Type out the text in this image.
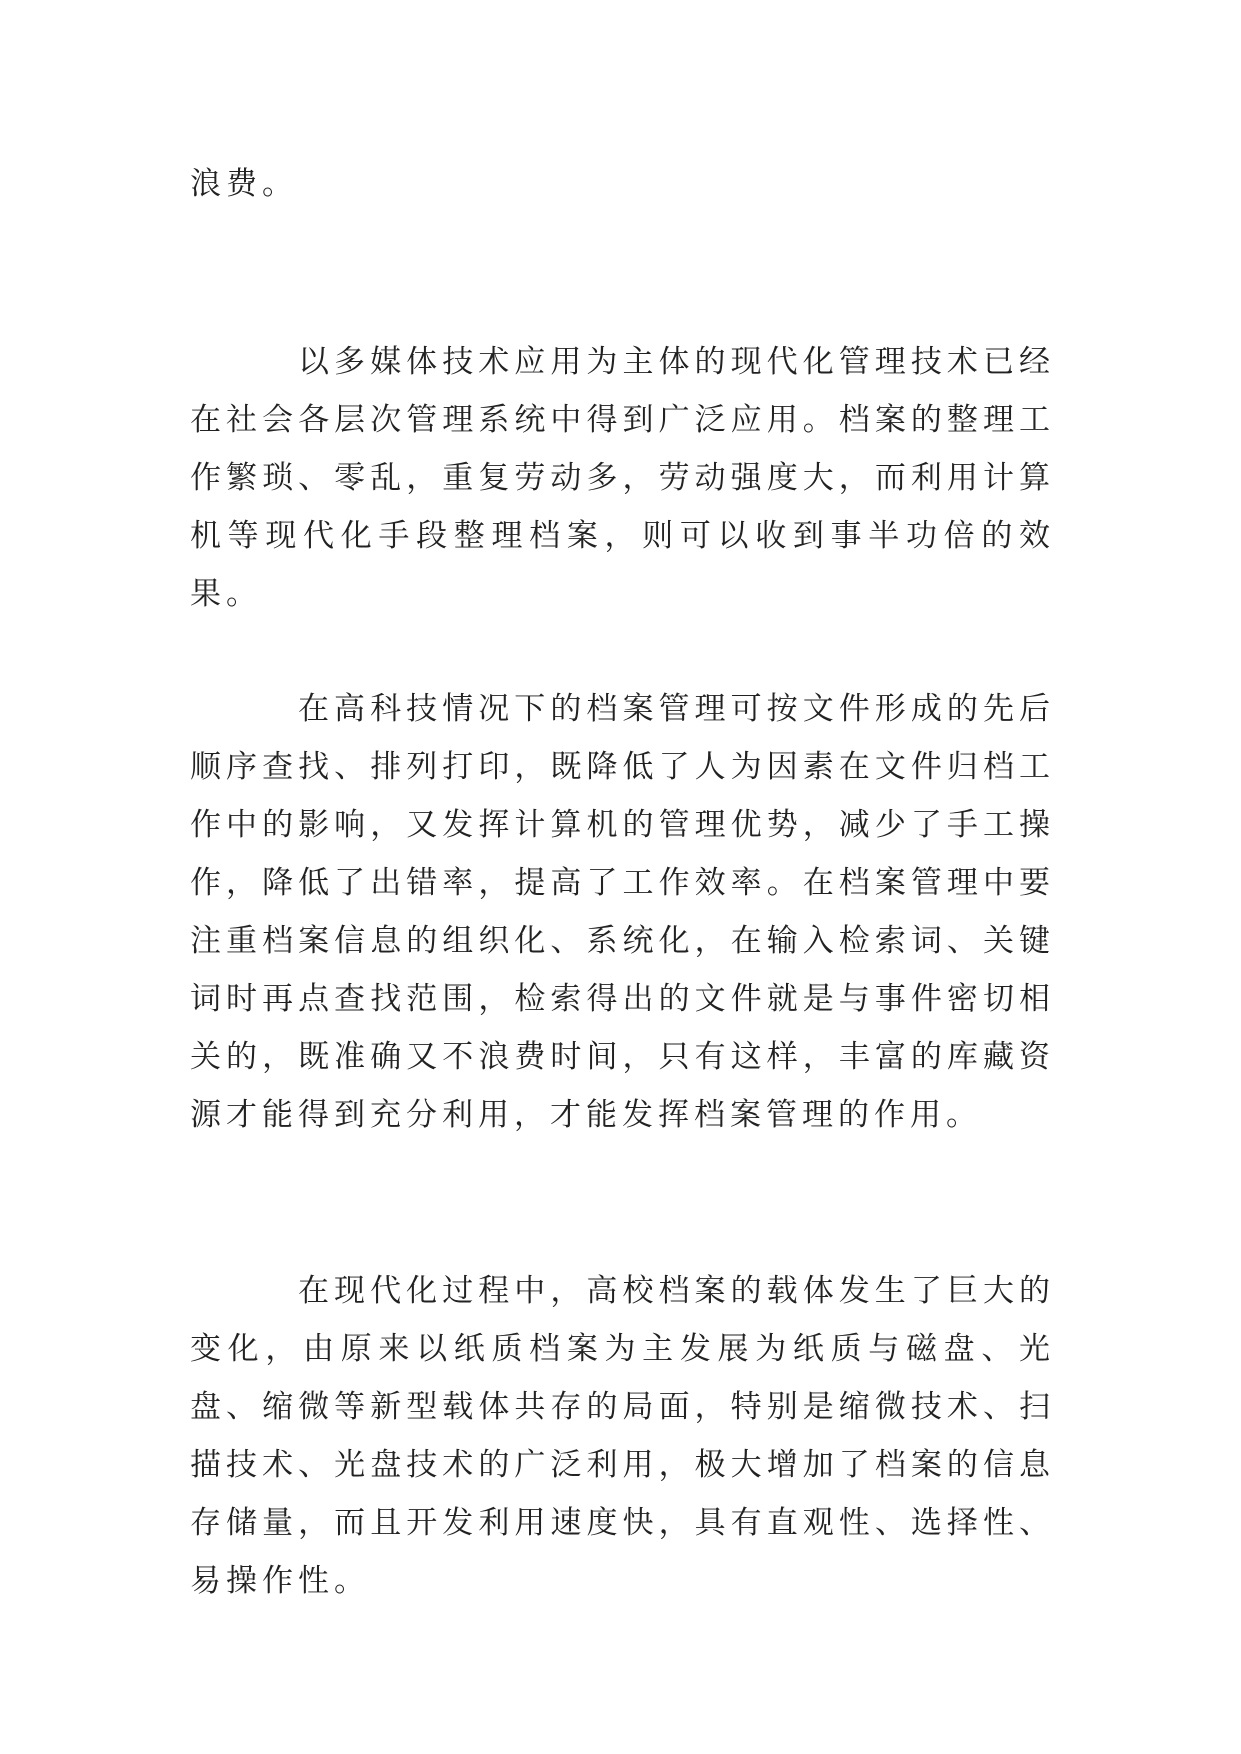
浪费。

以多媒体技术应用为主体的现代化管理技术已经在社会各层次管理系统中得到广泛应用。档案的整理工作繁琐、零乱，重复劳动多，劳动强度大，而利用计算机等现代化手段整理档案，则可以收到事半功倍的效果。

在高科技情况下的档案管理可按文件形成的先后顺序查找、排列打印，既降低了人为因素在文件归档工作中的影响，又发挥计算机的管理优势，减少了手工操作，降低了出错率，提高了工作效率。在档案管理中要注重档案信息的组织化、系统化，在输入检索词、关键词时再点查找范围，检索得出的文件就是与事件密切相关的，既准确又不浪费时间，只有这样，丰富的库藏资源才能得到充分利用，才能发挥档案管理的作用。

在现代化过程中，高校档案的载体发生了巨大的变化，由原来以纸质档案为主发展为纸质与磁盘、光盘、缩微等新型载体共存的局面，特别是缩微技术、扫描技术、光盘技术的广泛利用，极大增加了档案的信息存储量，而且开发利用速度快，具有直观性、选择性、易操作性。
